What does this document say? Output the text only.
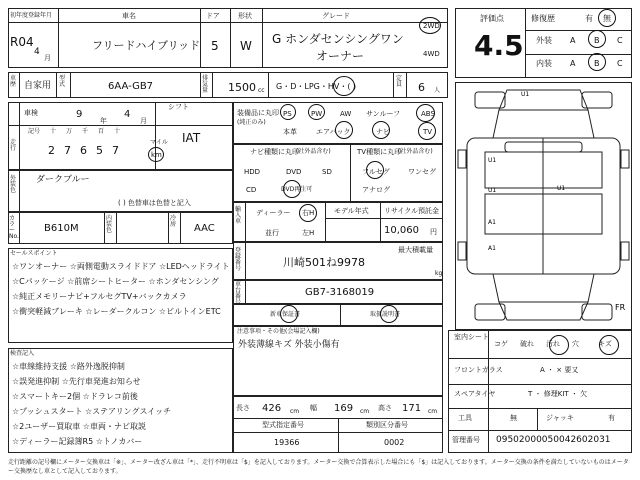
初年度登録年月
R04
4
月
車名
フリードハイブリッド
ドア
5
形状
W
グレード
G ホンダセンシングワン
オーナー
2WD
4WD
評価点
4.5
修復歴	有 無
外装 A B C
内装 A B C
車歴 自家用
型式	6AA-GB7
排気量 1500 cc G・D・LPG・HV・( )
定員 6 人
車検	9
年
4
月
走行
記号 十 万 千 百 十
2 7 6 5 7
マイル
km
シフト
IAT
外装色
ダークブルー
( ) 色替車は色替と記入
カラーNo.
B610M
内装色
冷房 AAC
装備品に丸印
(純正のみ)
PS	PW	AW サンルーフ	ABS
本革	エアバック	ナビ	TV
ナビ種類に丸印
(社外品含む)
HDD	DVD	SD
CD	DVD再生可
TV種類に丸印
(社外品含む)
フルセグ	ワンセグ
アナログ
輸入車
ディーラー 右H
並行	左H
モデル年式 リサイクル預託金
10,060 円
登録番号
最大積載量
川崎501ね9978
kg
車台番号
GB7-3168019
新車保証書	取扱説明書
セールスポイント
☆ワンオーナー ☆両側電動スライドドア ☆LEDヘッドライト
☆Cパッケージ ☆前席シートヒーター ☆ホンダセンシング
☆純正メモリーナビ+フルセグTV+バックカメラ
☆衝突軽減ブレーキ ☆レーダークルコン ☆ビルトインETC
注意事項・その他(会場記入欄)
外装薄線キズ 外装小傷有
検査記入
☆車線維持支援 ☆路外逸脱抑制
☆誤発進抑制 ☆先行車発進お知らせ
☆スマートキー2個 ☆ドラレコ前後
☆プッシュスタート ☆ステアリングスイッチ
☆2ユーザー買取車 ☆車両・ナビ取説
☆ディーラー記録簿R5 ☆トノカバー
長さ 426 cm 幅 169 cm 高さ 171 cm
型式指定番号
19366
類別区分番号
0002
U1
U1
U1
A1
A1
U1
FR
室内シート
コゲ 破れ 汚れ 穴	キズ
フロントガラス	A ・ × 要又
スペアタイヤ	T ・ 修理KIT ・ 欠
工具	無	ジャッキ	有
管理番号 09502000050042602031
走行距離の記号欄にメーター交換車は「※」、メーター改ざん車は「*」、走行不明車は「$」を記入しております。メーター交換で合算表示した場合にも「$」は記入しております。メーター交換の条件を満たしていないものはメーター交換歴なし車として記入しております。
